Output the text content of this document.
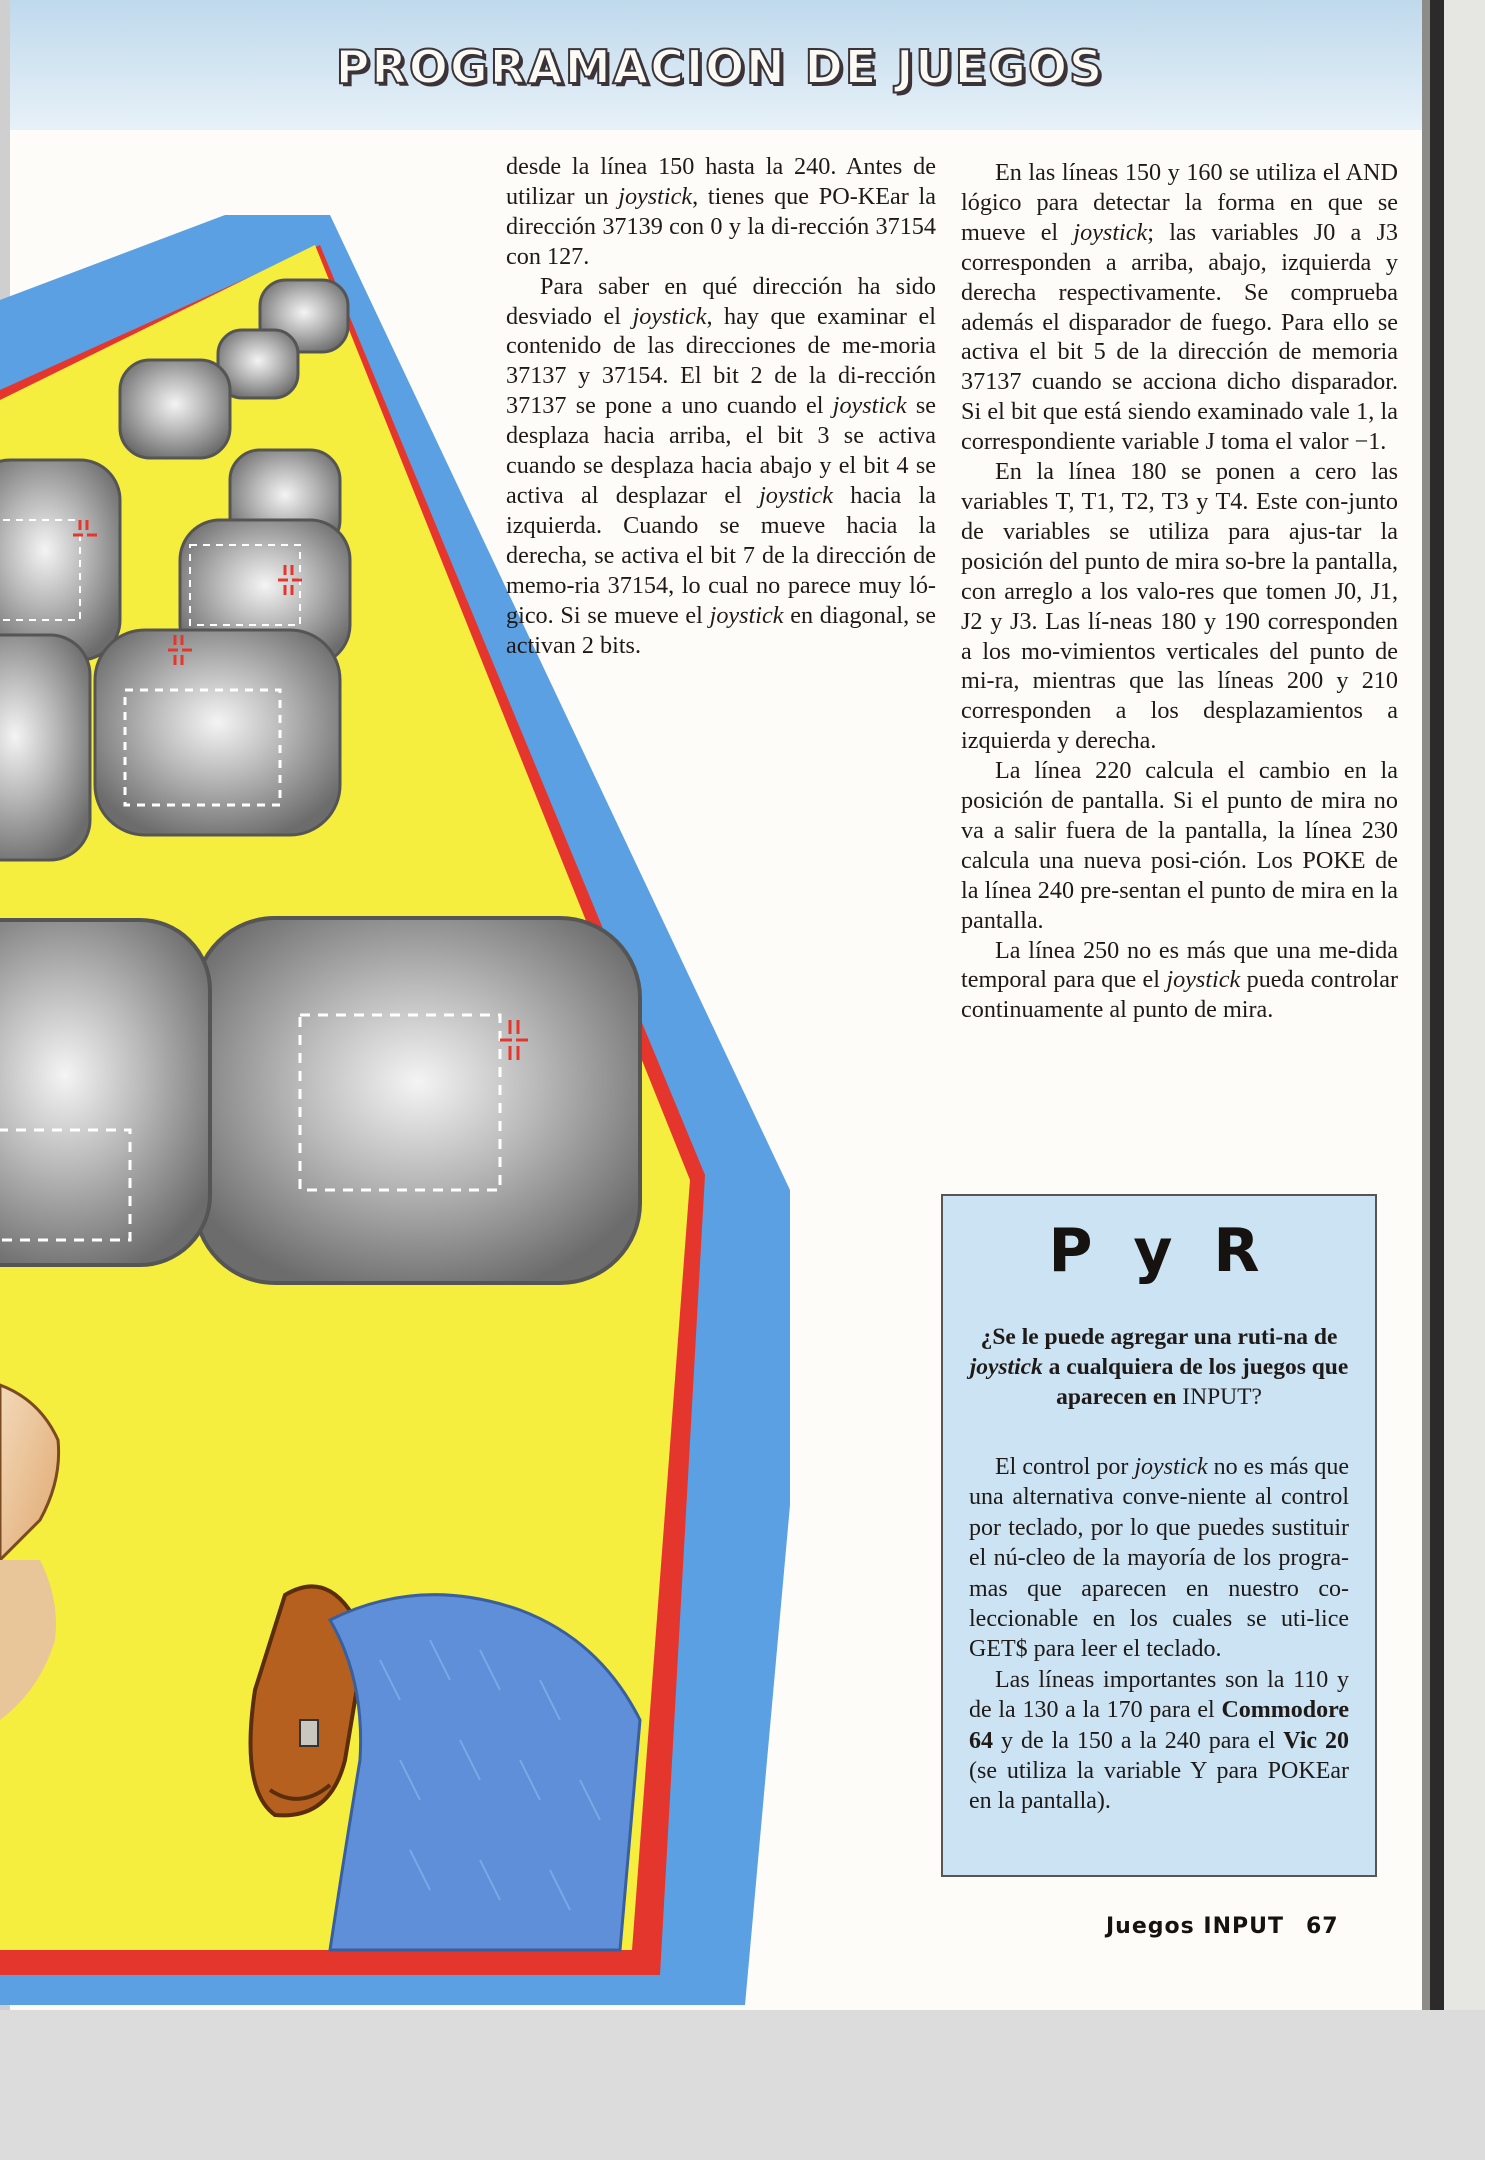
PROGRAMACION DE JUEGOS

desde la línea 150 hasta la 240. Antes de utilizar un joystick, tienes que PO-KEar la dirección 37139 con 0 y la di-rección 37154 con 127.

Para saber en qué dirección ha sido desviado el joystick, hay que examinar el contenido de las direcciones de me-moria 37137 y 37154. El bit 2 de la di-rección 37137 se pone a uno cuando el joystick se desplaza hacia arriba, el bit 3 se activa cuando se desplaza hacia abajo y el bit 4 se activa al desplazar el joystick hacia la izquierda. Cuando se mueve hacia la derecha, se activa el bit 7 de la dirección de memo-ria 37154, lo cual no parece muy ló-gico. Si se mueve el joystick en diagonal, se activan 2 bits.

En las líneas 150 y 160 se utiliza el AND lógico para detectar la forma en que se mueve el joystick; las variables J0 a J3 corresponden a arriba, abajo, izquierda y derecha respectivamente. Se comprueba además el disparador de fuego. Para ello se activa el bit 5 de la dirección de memoria 37137 cuando se acciona dicho disparador. Si el bit que está siendo examinado vale 1, la correspondiente variable J toma el valor −1.

En la línea 180 se ponen a cero las variables T, T1, T2, T3 y T4. Este con-junto de variables se utiliza para ajus-tar la posición del punto de mira so-bre la pantalla, con arreglo a los valo-res que tomen J0, J1, J2 y J3. Las lí-neas 180 y 190 corresponden a los mo-vimientos verticales del punto de mi-ra, mientras que las líneas 200 y 210 corresponden a los desplazamientos a izquierda y derecha.

La línea 220 calcula el cambio en la posición de pantalla. Si el punto de mira no va a salir fuera de la pantalla, la línea 230 calcula una nueva posi-ción. Los POKE de la línea 240 pre-sentan el punto de mira en la pantalla.

La línea 250 no es más que una me-dida temporal para que el joystick pueda controlar continuamente al punto de mira.

P y R
¿Se le puede agregar una ruti-na de joystick a cualquiera de los juegos que aparecen en INPUT?

El control por joystick no es más que una alternativa conve-niente al control por teclado, por lo que puedes sustituir el nú-cleo de la mayoría de los progra-mas que aparecen en nuestro co-leccionable en los cuales se uti-lice GET$ para leer el teclado.

Las líneas importantes son la 110 y de la 130 a la 170 para el Commodore 64 y de la 150 a la 240 para el Vic 20 (se utiliza la variable Y para POKEar en la pantalla).

Juegos INPUT 67
